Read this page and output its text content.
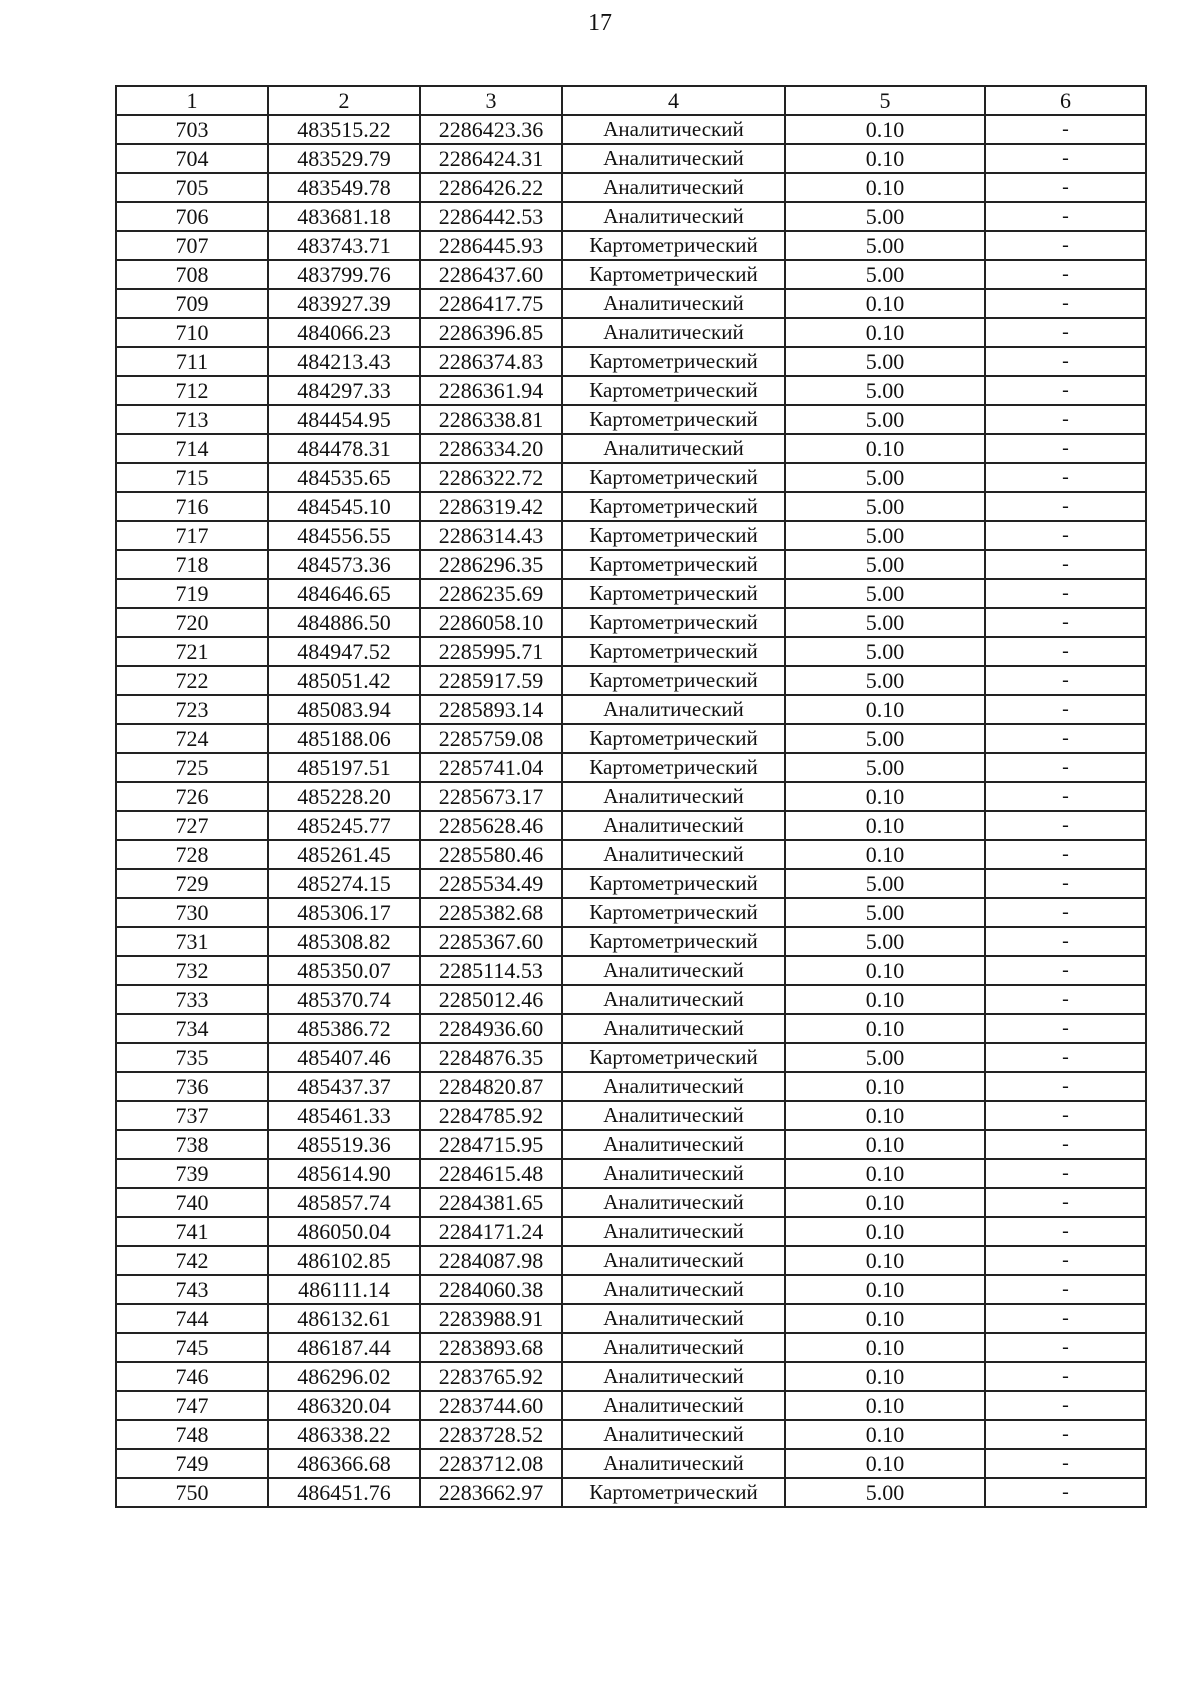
17
1	2	3	4	5	6
703	483515.22	2286423.36	Аналитический	0.10	-
704	483529.79	2286424.31	Аналитический	0.10	-
705	483549.78	2286426.22	Аналитический	0.10	-
706	483681.18	2286442.53	Аналитический	5.00	-
707	483743.71	2286445.93	Картометрический	5.00	-
708	483799.76	2286437.60	Картометрический	5.00	-
709	483927.39	2286417.75	Аналитический	0.10	-
710	484066.23	2286396.85	Аналитический	0.10	-
711	484213.43	2286374.83	Картометрический	5.00	-
712	484297.33	2286361.94	Картометрический	5.00	-
713	484454.95	2286338.81	Картометрический	5.00	-
714	484478.31	2286334.20	Аналитический	0.10	-
715	484535.65	2286322.72	Картометрический	5.00	-
716	484545.10	2286319.42	Картометрический	5.00	-
717	484556.55	2286314.43	Картометрический	5.00	-
718	484573.36	2286296.35	Картометрический	5.00	-
719	484646.65	2286235.69	Картометрический	5.00	-
720	484886.50	2286058.10	Картометрический	5.00	-
721	484947.52	2285995.71	Картометрический	5.00	-
722	485051.42	2285917.59	Картометрический	5.00	-
723	485083.94	2285893.14	Аналитический	0.10	-
724	485188.06	2285759.08	Картометрический	5.00	-
725	485197.51	2285741.04	Картометрический	5.00	-
726	485228.20	2285673.17	Аналитический	0.10	-
727	485245.77	2285628.46	Аналитический	0.10	-
728	485261.45	2285580.46	Аналитический	0.10	-
729	485274.15	2285534.49	Картометрический	5.00	-
730	485306.17	2285382.68	Картометрический	5.00	-
731	485308.82	2285367.60	Картометрический	5.00	-
732	485350.07	2285114.53	Аналитический	0.10	-
733	485370.74	2285012.46	Аналитический	0.10	-
734	485386.72	2284936.60	Аналитический	0.10	-
735	485407.46	2284876.35	Картометрический	5.00	-
736	485437.37	2284820.87	Аналитический	0.10	-
737	485461.33	2284785.92	Аналитический	0.10	-
738	485519.36	2284715.95	Аналитический	0.10	-
739	485614.90	2284615.48	Аналитический	0.10	-
740	485857.74	2284381.65	Аналитический	0.10	-
741	486050.04	2284171.24	Аналитический	0.10	-
742	486102.85	2284087.98	Аналитический	0.10	-
743	486111.14	2284060.38	Аналитический	0.10	-
744	486132.61	2283988.91	Аналитический	0.10	-
745	486187.44	2283893.68	Аналитический	0.10	-
746	486296.02	2283765.92	Аналитический	0.10	-
747	486320.04	2283744.60	Аналитический	0.10	-
748	486338.22	2283728.52	Аналитический	0.10	-
749	486366.68	2283712.08	Аналитический	0.10	-
750	486451.76	2283662.97	Картометрический	5.00	-
